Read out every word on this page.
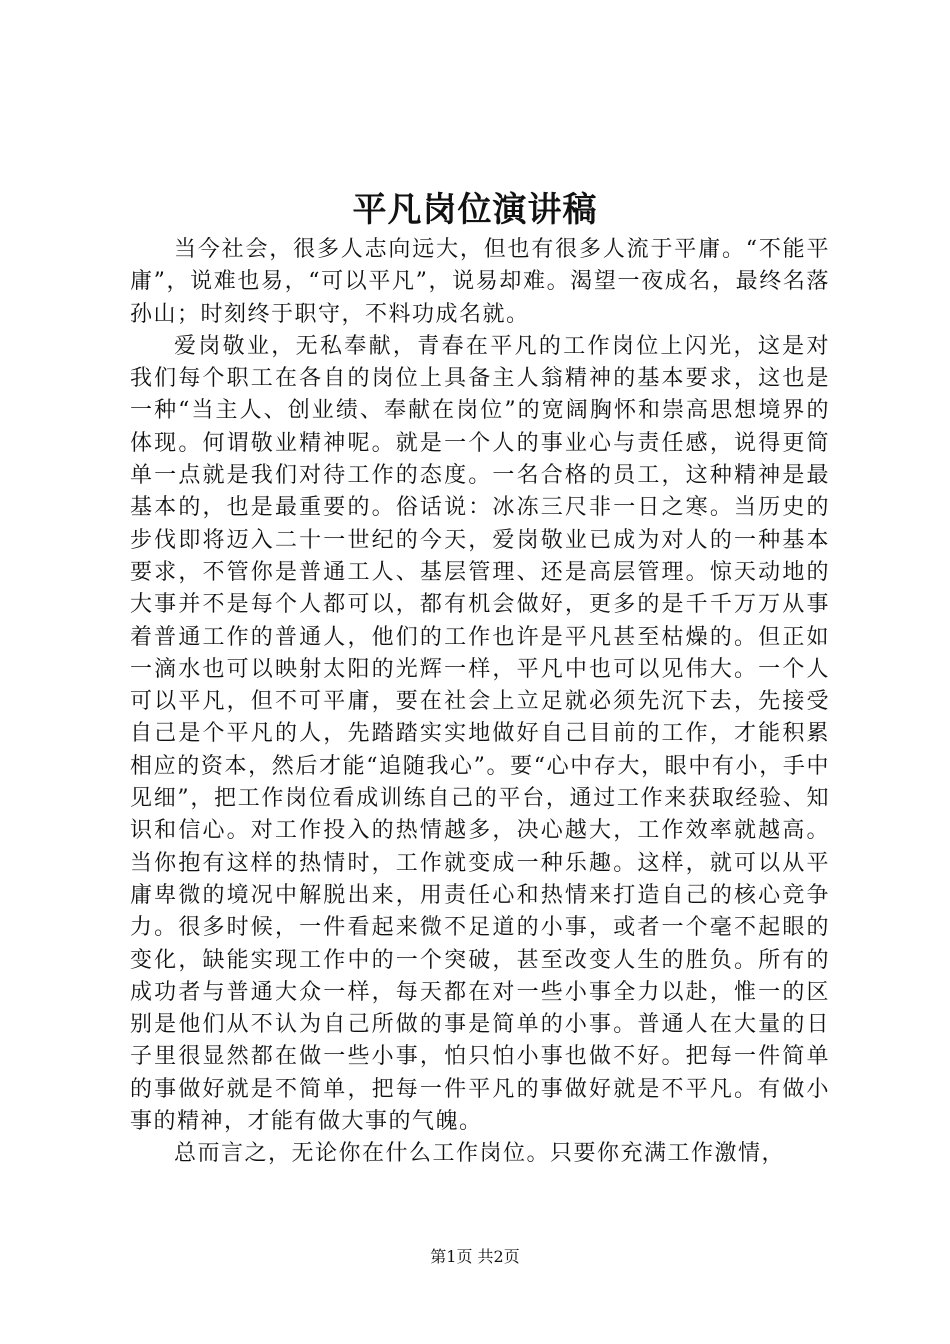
平凡岗位演讲稿

当今社会，很多人志向远大，但也有很多人流于平庸。“不能平庸”，说难也易，“可以平凡”，说易却难。渴望一夜成名，最终名落孙山；时刻终于职守，不料功成名就。

爱岗敬业，无私奉献，青春在平凡的工作岗位上闪光，这是对我们每个职工在各自的岗位上具备主人翁精神的基本要求，这也是一种“当主人、创业绩、奉献在岗位”的宽阔胸怀和崇高思想境界的体现。何谓敬业精神呢。就是一个人的事业心与责任感，说得更简单一点就是我们对待工作的态度。一名合格的员工，这种精神是最基本的，也是最重要的。俗话说：冰冻三尺非一日之寒。当历史的步伐即将迈入二十一世纪的今天，爱岗敬业已成为对人的一种基本要求，不管你是普通工人、基层管理、还是高层管理。惊天动地的大事并不是每个人都可以，都有机会做好，更多的是千千万万从事着普通工作的普通人，他们的工作也许是平凡甚至枯燥的。但正如一滴水也可以映射太阳的光辉一样，平凡中也可以见伟大。一个人可以平凡，但不可平庸，要在社会上立足就必须先沉下去，先接受自己是个平凡的人，先踏踏实实地做好自己目前的工作，才能积累相应的资本，然后才能“追随我心”。要“心中存大，眼中有小，手中见细”，把工作岗位看成训练自己的平台，通过工作来获取经验、知识和信心。对工作投入的热情越多，决心越大，工作效率就越高。当你抱有这样的热情时，工作就变成一种乐趣。这样，就可以从平庸卑微的境况中解脱出来，用责任心和热情来打造自己的核心竞争力。很多时候，一件看起来微不足道的小事，或者一个毫不起眼的变化，缺能实现工作中的一个突破，甚至改变人生的胜负。所有的成功者与普通大众一样，每天都在对一些小事全力以赴，惟一的区别是他们从不认为自己所做的事是简单的小事。普通人在大量的日子里很显然都在做一些小事，怕只怕小事也做不好。把每一件简单的事做好就是不简单，把每一件平凡的事做好就是不平凡。有做小事的精神，才能有做大事的气魄。

总而言之，无论你在什么工作岗位。只要你充满工作激情，

第1页 共2页
